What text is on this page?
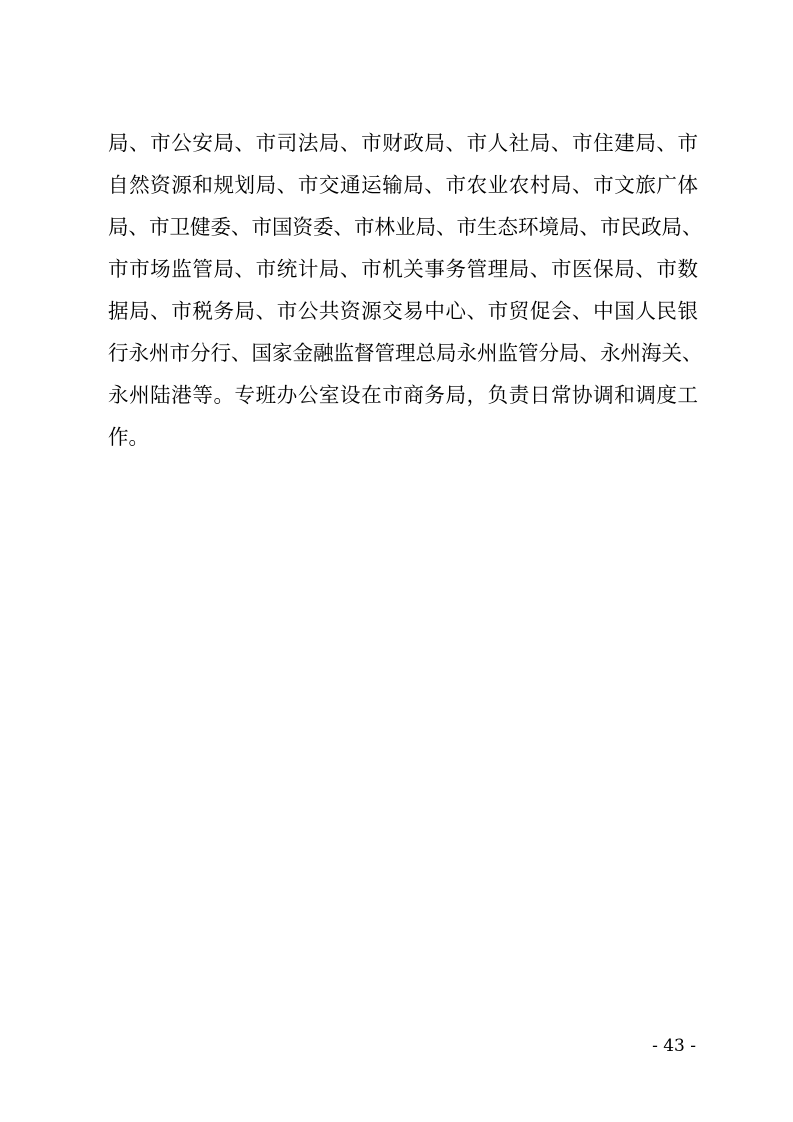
局、市公安局、市司法局、市财政局、市人社局、市住建局、市
自然资源和规划局、市交通运输局、市农业农村局、市文旅广体
局、市卫健委、市国资委、市林业局、市生态环境局、市民政局、
市市场监管局、市统计局、市机关事务管理局、市医保局、市数
据局、市税务局、市公共资源交易中心、市贸促会、中国人民银
行永州市分行、国家金融监督管理总局永州监管分局、永州海关、
永州陆港等。专班办公室设在市商务局，负责日常协调和调度工
作。
- 43 -
